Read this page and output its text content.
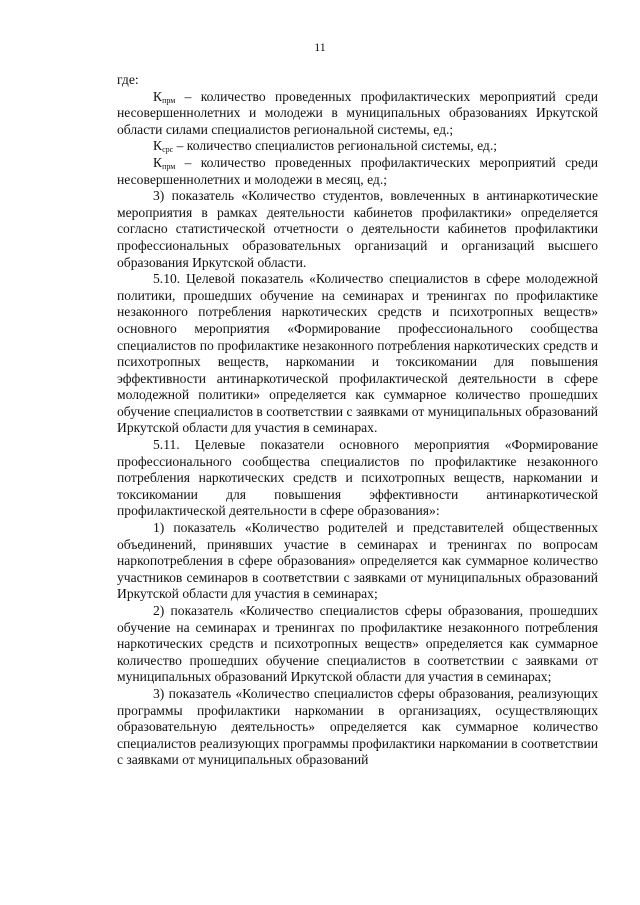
11

где:

$К_{прм}$ – количество проведенных профилактических мероприятий среди несовершеннолетних и молодежи в муниципальных образованиях Иркутской области силами специалистов региональной системы, ед.;

$К_{срс}$ – количество специалистов региональной системы, ед.;

$К_{прм}$ – количество проведенных профилактических мероприятий среди несовершеннолетних и молодежи в месяц, ед.;

3) показатель «Количество студентов, вовлеченных в антинаркотические мероприятия в рамках деятельности кабинетов профилактики» определяется согласно статистической отчетности о деятельности кабинетов профилактики профессиональных образовательных организаций и организаций высшего образования Иркутской области.

5.10. Целевой показатель «Количество специалистов в сфере молодежной политики, прошедших обучение на семинарах и тренингах по профилактике незаконного потребления наркотических средств и психотропных веществ» основного мероприятия «Формирование профессионального сообщества специалистов по профилактике незаконного потребления наркотических средств и психотропных веществ, наркомании и токсикомании для повышения эффективности антинаркотической профилактической деятельности в сфере молодежной политики» определяется как суммарное количество прошедших обучение специалистов в соответствии с заявками от муниципальных образований Иркутской области для участия в семинарах.

5.11. Целевые показатели основного мероприятия «Формирование профессионального сообщества специалистов по профилактике незаконного потребления наркотических средств и психотропных веществ, наркомании и токсикомании для повышения эффективности антинаркотической профилактической деятельности в сфере образования»:

1) показатель «Количество родителей и представителей общественных объединений, принявших участие в семинарах и тренингах по вопросам наркопотребления в сфере образования» определяется как суммарное количество участников семинаров в соответствии с заявками от муниципальных образований Иркутской области для участия в семинарах;

2) показатель «Количество специалистов сферы образования, прошедших обучение на семинарах и тренингах по профилактике незаконного потребления наркотических средств и психотропных веществ» определяется как суммарное количество прошедших обучение специалистов в соответствии с заявками от муниципальных образований Иркутской области для участия в семинарах;

3) показатель «Количество специалистов сферы образования, реализующих программы профилактики наркомании в организациях, осуществляющих образовательную деятельность» определяется как суммарное количество специалистов реализующих программы профилактики наркомании в соответствии с заявками от муниципальных образований
